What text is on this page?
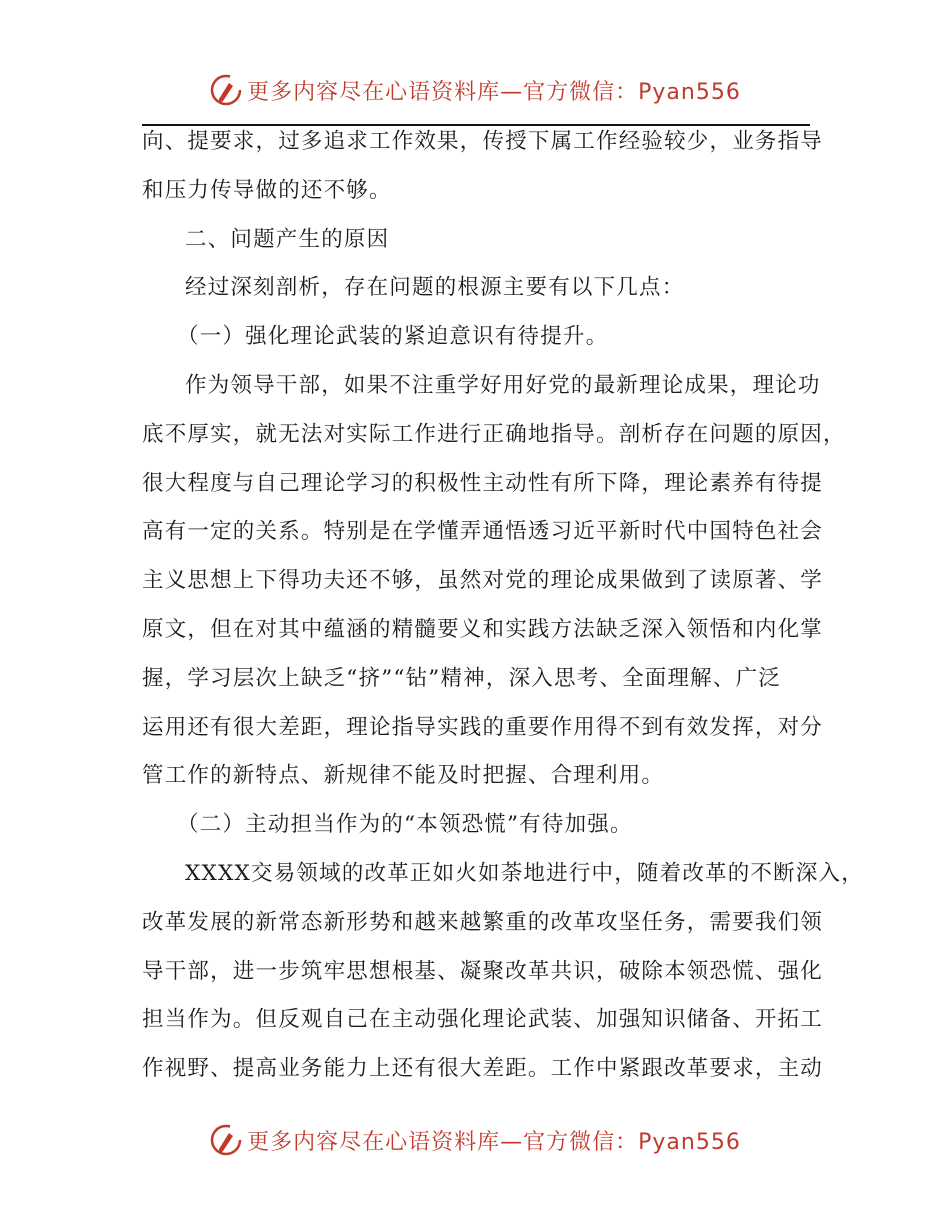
更多内容尽在心语资料库—官方微信：Pyan556
向、提要求，过多追求工作效果，传授下属工作经验较少，业务指导
和压力传导做的还不够。
二、问题产生的原因
经过深刻剖析，存在问题的根源主要有以下几点：
（一）强化理论武装的紧迫意识有待提升。
作为领导干部，如果不注重学好用好党的最新理论成果，理论功
底不厚实，就无法对实际工作进行正确地指导。剖析存在问题的原因，
很大程度与自己理论学习的积极性主动性有所下降，理论素养有待提
高有一定的关系。特别是在学懂弄通悟透习近平新时代中国特色社会
主义思想上下得功夫还不够，虽然对党的理论成果做到了读原著、学
原文，但在对其中蕴涵的精髓要义和实践方法缺乏深入领悟和内化掌
握，学习层次上缺乏“挤”“钻”精神，深入思考、全面理解、广泛
运用还有很大差距，理论指导实践的重要作用得不到有效发挥，对分
管工作的新特点、新规律不能及时把握、合理利用。
（二）主动担当作为的“本领恐慌”有待加强。
XXXX交易领域的改革正如火如荼地进行中，随着改革的不断深入，
改革发展的新常态新形势和越来越繁重的改革攻坚任务，需要我们领
导干部，进一步筑牢思想根基、凝聚改革共识，破除本领恐慌、强化
担当作为。但反观自己在主动强化理论武装、加强知识储备、开拓工
作视野、提高业务能力上还有很大差距。工作中紧跟改革要求，主动
更多内容尽在心语资料库—官方微信：Pyan556
